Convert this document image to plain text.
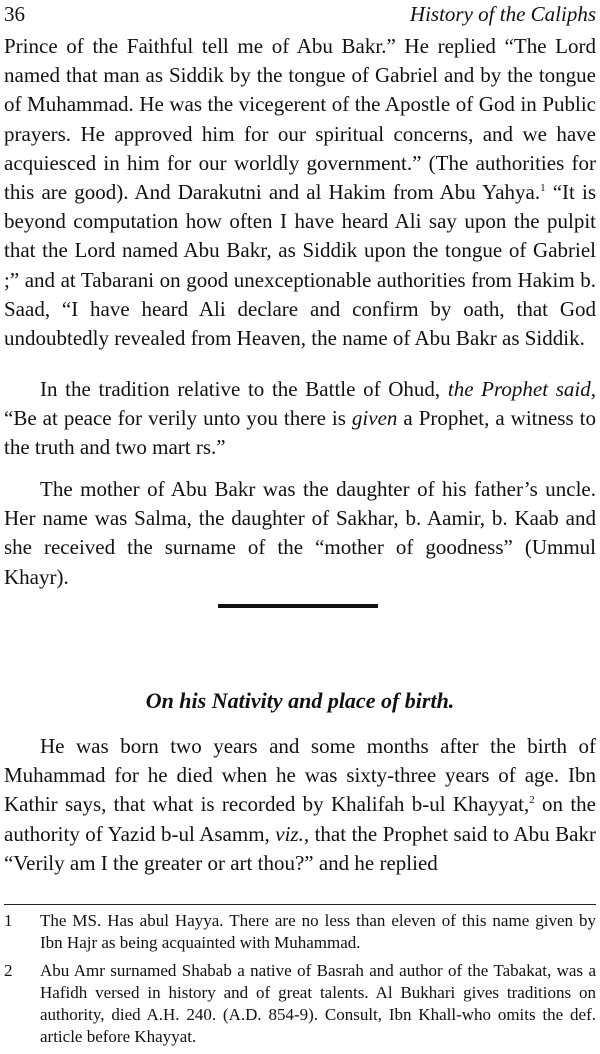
36	History of the Caliphs

Prince of the Faithful tell me of Abu Bakr.” He replied “The Lord named that man as Siddik by the tongue of Gabriel and by the tongue of Muhammad. He was the vicegerent of the Apostle of God in Public prayers. He approved him for our spiritual concerns, and we have acquiesced in him for our worldly government.” (The authorities for this are good). And Darakutni and al Hakim from Abu Yahya.$^1$ “It is beyond computation how often I have heard Ali say upon the pulpit that the Lord named Abu Bakr, as Siddik upon the tongue of Gabriel ;” and at Tabarani on good unexceptionable authorities from Hakim b. Saad, “I have heard Ali declare and confirm by oath, that God undoubtedly revealed from Heaven, the name of Abu Bakr as Siddik.

In the tradition relative to the Battle of Ohud, the Prophet said, “Be at peace for verily unto you there is given a Prophet, a witness to the truth and two mart rs.”

The mother of Abu Bakr was the daughter of his father’s uncle. Her name was Salma, the daughter of Sakhar, b. Aamir, b. Kaab and she received the surname of the “mother of goodness” (Ummul Khayr).

On his Nativity and place of birth.

He was born two years and some months after the birth of Muhammad for he died when he was sixty-three years of age. Ibn Kathir says, that what is recorded by Khalifah b-ul Khayyat,$^2$ on the authority of Yazid b-ul Asamm, viz., that the Prophet said to Abu Bakr “Verily am I the greater or art thou?” and he replied

1	The MS. Has abul Hayya. There are no less than eleven of this name given by Ibn Hajr as being acquainted with Muhammad.
2	Abu Amr surnamed Shabab a native of Basrah and author of the Tabakat, was a Hafidh versed in history and of great talents. Al Bukhari gives traditions on authority, died A.H. 240. (A.D. 854-9). Consult, Ibn Khall-who omits the def. article before Khayyat.
